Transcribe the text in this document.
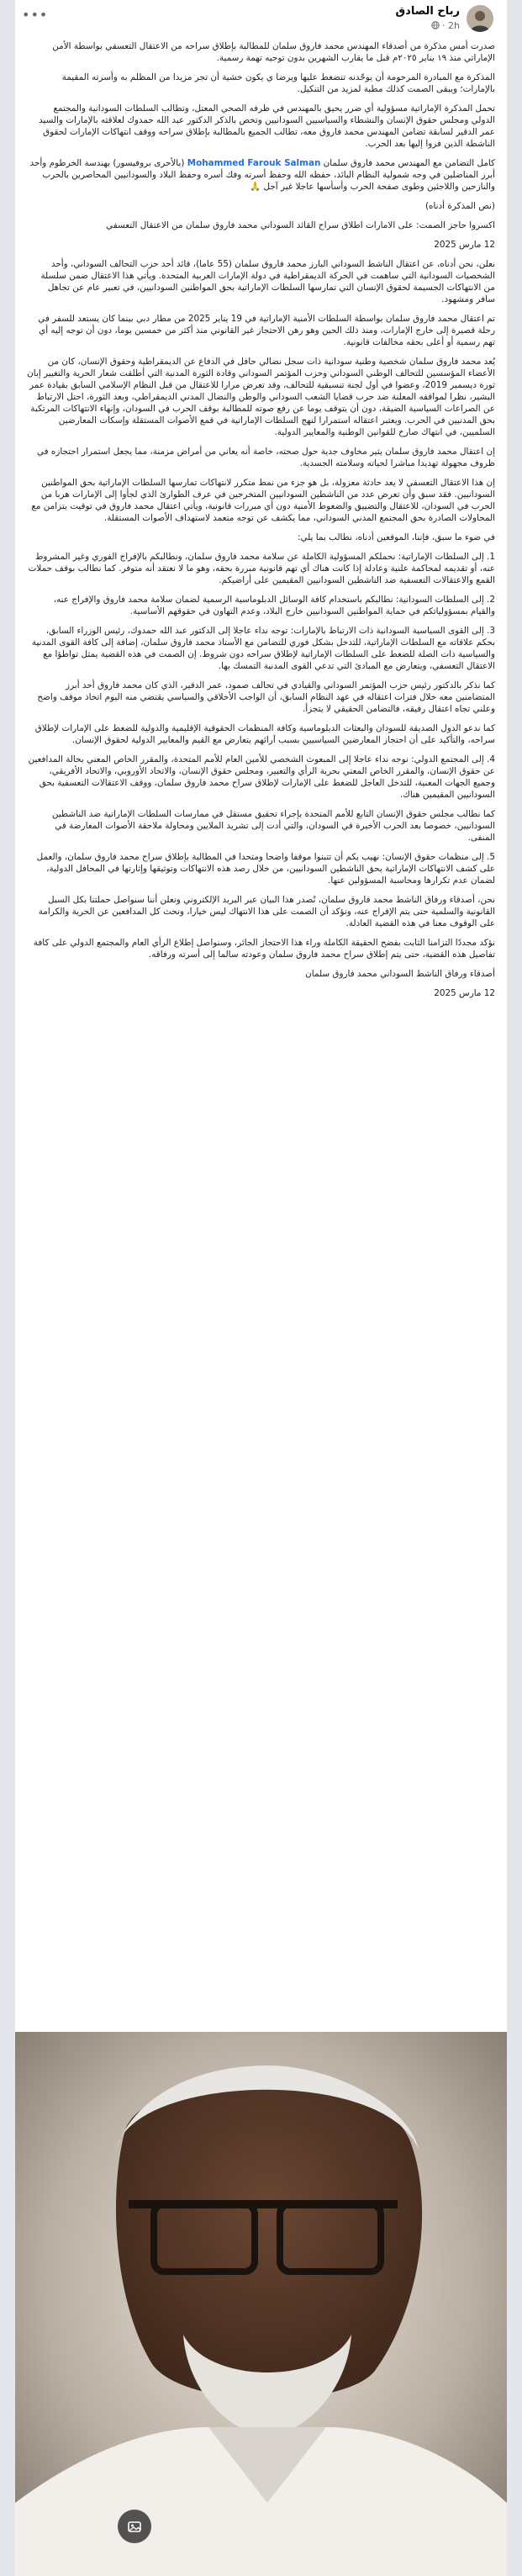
•••	رباح الصادق
2h ·

صدرت أمس مذكرة من أصدقاء المهندس محمد فاروق سلمان للمطالبة بإطلاق سراحه من الاعتقال التعسفي بواسطة الأمن الإماراتي منذ ١٩ يناير ٢٠٢٥م قبل ما يقارب الشهرين بدون توجيه تهمة رسمية.

المذكرة مع المبادرة المرحومة أن يوحّدنه تنضغط عليها ويرضا ي يكون خشية أن تجر مزيدا من المظلم به وأسرته المقيمة بالإمارات؛ ويبقى الصمت كذلك مطبة لمزيد من التنكيل.

تحمل المذكرة الإماراتية مسؤولية أي ضرر يحيق بالمهندس في ظرفه الصحي المعتل، وتطالب السلطات السودانية والمجتمع الدولي ومجلس حقوق الإنسان والنشطاء والسياسيين السودانيين وتخص بالذكر الدكتور عبد الله حمدوك لعلاقته بالإمارات والسيد عمر الدقير لسابقة تضامن المهندس محمد فاروق معه، تطالب الجميع بالمطالبة بإطلاق سراحه ووقف انتهاكات الإمارات لحقوق الناشطة الذين فروا إليها بعد الحرب.

كامل التضامن مع المهندس محمد فاروق سلمان Mohammed Farouk Salman (بالأحرى بروفيسور) بهندسة الخرطوم وأحد أبرز المناضلين في وجه شمولية النظام البائد، حفظه الله وحفظ أسرته وفك أسره وحفظ البلاد والسودانيين المحاصرين بالحرب والنازحين واللاجئين وطوى صفحة الحرب وأسأسها عاجلا غير آجل 🙏

(نص المذكرة أدناه)

اكسروا حاجز الصمت: على الامارات اطلاق سراح القائد السوداني محمد فاروق سلمان من الاعتقال التعسفي

12 مارس 2025

نعلن، نحن أدناه، عن اعتقال الناشط السوداني البارز محمد فاروق سلمان (55 عاما)، قائد أحد حزب التحالف السوداني، وأحد الشخصيات السودانية التي ساهمت في الحركة الديمقراطية في دولة الإمارات العربية المتحدة. ويأتي هذا الاعتقال ضمن سلسلة من الانتهاكات الجسيمة لحقوق الإنسان التي تمارسها السلطات الإماراتية بحق المواطنين السودانيين، في تعبير عام عن تجاهل سافر ومشهود.

تم اعتقال محمد فاروق سلمان بواسطة السلطات الأمنية الإماراتية في 19 يناير 2025 من مطار دبي بينما كان يستعد للسفر في رحلة قصيرة إلى خارج الإمارات، ومنذ ذلك الحين وهو رهن الاحتجاز غير القانوني منذ أكثر من خمسين يوما، دون أن توجه إليه أي تهم رسمية أو أعلى بحقه مخالفات قانونية.

يُعد محمد فاروق سلمان شخصية وطنية سودانية ذات سجل نضالي حافل في الدفاع عن الديمقراطية وحقوق الإنسان، كان من الأعضاء المؤسسين للتحالف الوطني السوداني وحزب المؤتمر السوداني وقادة الثورة المدنية التي أطلقت شعار الحرية والتغيير إبان ثورة ديسمبر 2019، وعضوا في أول لجنة تنسيقية للتحالف، وقد تعرض مرارا للاعتقال من قبل النظام الإسلامي السابق بقيادة عمر البشير، نظرا لمواقفه المعلنة ضد حرب قضايا الشعب السوداني والوطن والنضال المدني الديمقراطي، وبعد الثورة، احتل الارتباط عن الصراعات السياسية الضيقة، دون أن يتوقف يوما عن رفع صوته للمطالبة بوقف الحرب في السودان، وإنهاء الانتهاكات المرتكبة بحق المدنيين في الحرب. ويعتبر اعتقاله استمرارا لنهج السلطات الإماراتية في قمع الأصوات المستقلة وإسكات المعارضين السلميين، في انتهاك صارخ للقوانين الوطنية والمعايير الدولية.

إن اعتقال محمد فاروق سلمان يثير مخاوف جدية حول صحته، خاصة أنه يعاني من أمراض مزمنة، مما يجعل استمرار احتجازه في ظروف مجهولة تهديدا مباشرا لحياته وسلامته الجسدية.

إن هذا الاعتقال التعسفي لا يعد حادثة معزولة، بل هو جزء من نمط متكرر لانتهاكات تمارسها السلطات الإماراتية بحق المواطنين السودانيين. فقد سبق وأن تعرض عدد من الناشطين السودانيين المتخرجين في عرف الطوارئ الذي لجأوا إلى الإمارات هربا من الحرب في السودان، للاعتقال والتضييق والضغوط الأمنية دون أي مبررات قانونية، ويأتي اعتقال محمد فاروق في توقيت يتزامن مع المحاولات الصادرة بحق المجتمع المدني السوداني، مما يكشف عن توجه متعمد لاستهداف الأصوات المستقلة.

في ضوء ما سبق، فإننا، الموقعين أدناه، نطالب بما يلي:

1. إلى السلطات الإماراتية: نحملكم المسؤولية الكاملة عن سلامة محمد فاروق سلمان، ونطالبكم بالإفراج الفوري وغير المشروط عنه، أو تقديمه لمحاكمة علنية وعادلة إذا كانت هناك أي تهم قانونية مبررة بحقه، وهو ما لا نعتقد أنه متوفر. كما نطالب بوقف حملات القمع والاعتقالات التعسفية ضد الناشطين السودانيين المقيمين على أراضيكم.

2. إلى السلطات السودانية: نطالبكم باستخدام كافة الوسائل الدبلوماسية الرسمية لضمان سلامة محمد فاروق والإفراج عنه، والقيام بمسؤولياتكم في حماية المواطنين السودانيين خارج البلاد، وعدم التهاون في حقوقهم الأساسية.

3. إلى القوى السياسية السودانية ذات الارتباط بالإمارات: توجه نداء عاجلا إلى الدكتور عبد الله حمدوك، رئيس الوزراء السابق، بحكم علاقاته مع السلطات الإماراتية، للتدخل بشكل فوري للتضامن مع الأستاذ محمد فاروق سلمان، إضافة إلى كافة القوى المدنية والسياسية ذات الصلة للضغط على السلطات الإماراتية لإطلاق سراحه دون شروط. إن الصمت في هذه القضية يمثل تواطؤا مع الاعتقال التعسفي، ويتعارض مع المبادئ التي تدعي القوى المدنية التمسك بها.

كما نذكر بالدكتور رئيس حزب المؤتمر السوداني والقيادي في تحالف صمود، عمر الدقير، الذي كان محمد فاروق أحد أبرز المتضامنين معه خلال فترات اعتقاله في عهد النظام السابق، أن الواجب الأخلاقي والسياسي يقتضي منه اليوم اتخاذ موقف واضح وعلني تجاه اعتقال رفيقه، فالتضامن الحقيقي لا يتجزأ.

كما ندعو الدول الصديقة للسودان والبعثات الدبلوماسية وكافة المنظمات الحقوقية الإقليمية والدولية للضغط على الإمارات لإطلاق سراحه، والتأكيد على أن احتجاز المعارضين السياسيين بسبب آرائهم يتعارض مع القيم والمعايير الدولية لحقوق الإنسان.

4. إلى المجتمع الدولي: نوجه نداء عاجلا إلى المبعوث الشخصي للأمين العام للأمم المتحدة، والمقرر الخاص المعني بحالة المدافعين عن حقوق الإنسان، والمقرر الخاص المعني بحرية الرأي والتعبير، ومجلس حقوق الإنسان، والاتحاد الأوروبي، والاتحاد الأفريقي، وجميع الجهات المعنية، للتدخل العاجل للضغط على الإمارات لإطلاق سراح محمد فاروق سلمان، ووقف الاعتقالات التعسفية بحق السودانيين المقيمين هناك.

كما نطالب مجلس حقوق الإنسان التابع للأمم المتحدة بإجراء تحقيق مستقل في ممارسات السلطات الإماراتية ضد الناشطين السودانيين، خصوصا بعد الحرب الأخيرة في السودان، والتي أدت إلى تشريد الملايين ومحاولة ملاحقة الأصوات المعارضة في المنفى.

5. إلى منظمات حقوق الإنسان: نهيب بكم أن تتبنوا موقفا واضحا ومتحدا في المطالبة بإطلاق سراح محمد فاروق سلمان، والعمل على كشف الانتهاكات الإماراتية بحق الناشطين السودانيين، من خلال رصد هذه الانتهاكات وتوثيقها وإثارتها في المحافل الدولية، لضمان عدم تكرارها ومحاسبة المسؤولين عنها.

نحن، أصدقاء ورفاق الناشط محمد فاروق سلمان، نُصدر هذا البيان عبر البريد الإلكتروني ونعلن أننا سنواصل حملتنا بكل السبل القانونية والسلمية حتى يتم الإفراج عنه، ونؤكد أن الصمت على هذا الانتهاك ليس خيارا، ونحث كل المدافعين عن الحرية والكرامة على الوقوف معنا في هذه القضية العادلة.

نؤكد مجددًا التزامنا الثابت بفضح الحقيقة الكاملة وراء هذا الاحتجاز الجائر، وسنواصل إطلاع الرأي العام والمجتمع الدولي على كافة تفاصيل هذه القضية، حتى يتم إطلاق سراح محمد فاروق سلمان وعودته سالما إلى أسرته ورفاقه.

أصدقاء ورفاق الناشط السوداني محمد فاروق سلمان

12 مارس 2025
